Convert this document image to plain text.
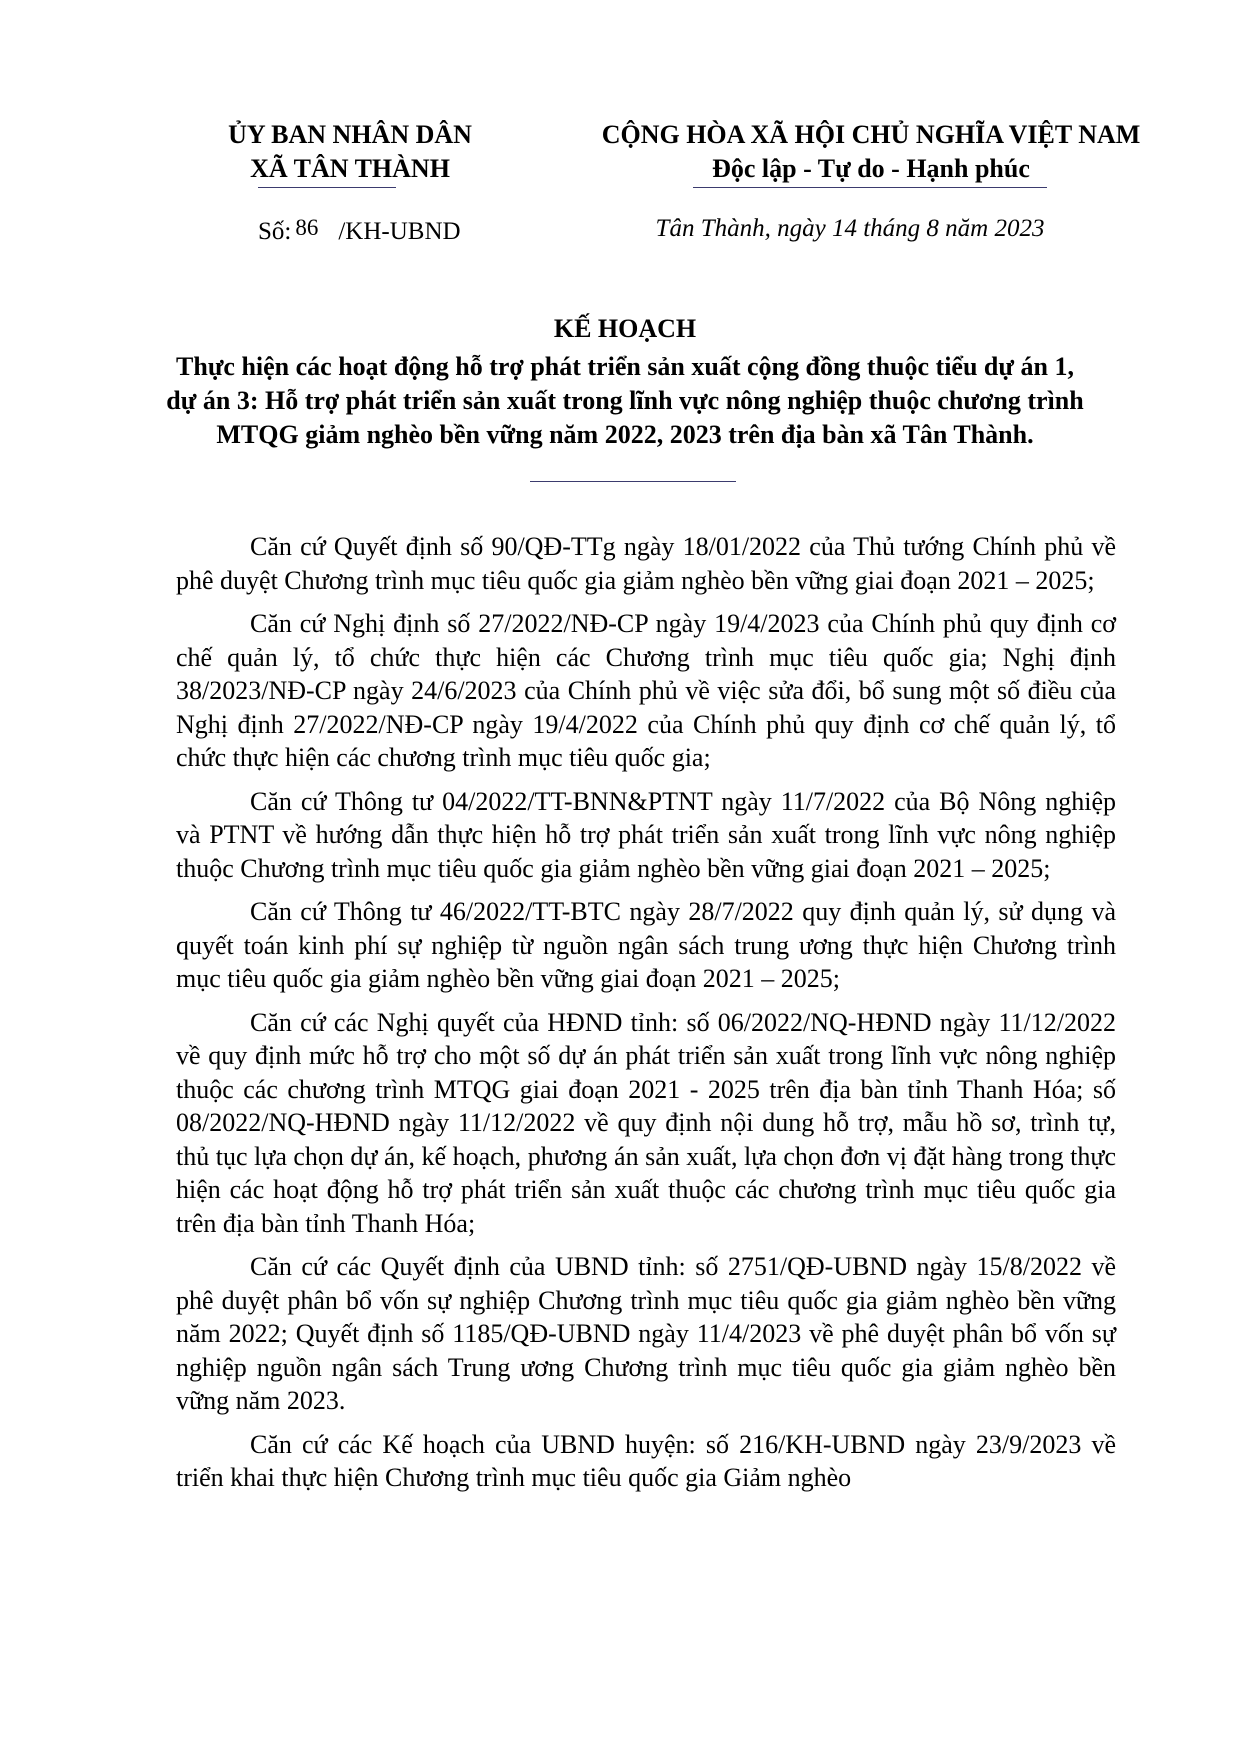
ỦY BAN NHÂN DÂN
XÃ TÂN THÀNH
CỘNG HÒA XÃ HỘI CHỦ NGHĨA VIỆT NAM
Độc lập - Tự do - Hạnh phúc
Số: 86 /KH-UBND	Tân Thành, ngày 14 tháng 8 năm 2023
KẾ HOẠCH
Thực hiện các hoạt động hỗ trợ phát triển sản xuất cộng đồng thuộc tiểu dự án 1, dự án 3: Hỗ trợ phát triển sản xuất trong lĩnh vực nông nghiệp thuộc chương trình MTQG giảm nghèo bền vững năm 2022, 2023 trên địa bàn xã Tân Thành.

Căn cứ Quyết định số 90/QĐ-TTg ngày 18/01/2022 của Thủ tướng Chính phủ về phê duyệt Chương trình mục tiêu quốc gia giảm nghèo bền vững giai đoạn 2021 – 2025;

Căn cứ Nghị định số 27/2022/NĐ-CP ngày 19/4/2023 của Chính phủ quy định cơ chế quản lý, tổ chức thực hiện các Chương trình mục tiêu quốc gia; Nghị định 38/2023/NĐ-CP ngày 24/6/2023 của Chính phủ về việc sửa đổi, bổ sung một số điều của Nghị định 27/2022/NĐ-CP ngày 19/4/2022 của Chính phủ quy định cơ chế quản lý, tổ chức thực hiện các chương trình mục tiêu quốc gia;

Căn cứ Thông tư 04/2022/TT-BNN&PTNT ngày 11/7/2022 của Bộ Nông nghiệp và PTNT về hướng dẫn thực hiện hỗ trợ phát triển sản xuất trong lĩnh vực nông nghiệp thuộc Chương trình mục tiêu quốc gia giảm nghèo bền vững giai đoạn 2021 – 2025;

Căn cứ Thông tư 46/2022/TT-BTC ngày 28/7/2022 quy định quản lý, sử dụng và quyết toán kinh phí sự nghiệp từ nguồn ngân sách trung ương thực hiện Chương trình mục tiêu quốc gia giảm nghèo bền vững giai đoạn 2021 – 2025;

Căn cứ các Nghị quyết của HĐND tỉnh: số 06/2022/NQ-HĐND ngày 11/12/2022 về quy định mức hỗ trợ cho một số dự án phát triển sản xuất trong lĩnh vực nông nghiệp thuộc các chương trình MTQG giai đoạn 2021 - 2025 trên địa bàn tỉnh Thanh Hóa; số 08/2022/NQ-HĐND ngày 11/12/2022 về quy định nội dung hỗ trợ, mẫu hồ sơ, trình tự, thủ tục lựa chọn dự án, kế hoạch, phương án sản xuất, lựa chọn đơn vị đặt hàng trong thực hiện các hoạt động hỗ trợ phát triển sản xuất thuộc các chương trình mục tiêu quốc gia trên địa bàn tỉnh Thanh Hóa;

Căn cứ các Quyết định của UBND tỉnh: số 2751/QĐ-UBND ngày 15/8/2022 về phê duyệt phân bổ vốn sự nghiệp Chương trình mục tiêu quốc gia giảm nghèo bền vững năm 2022; Quyết định số 1185/QĐ-UBND ngày 11/4/2023 về phê duyệt phân bổ vốn sự nghiệp nguồn ngân sách Trung ương Chương trình mục tiêu quốc gia giảm nghèo bền vững năm 2023.

Căn cứ các Kế hoạch của UBND huyện: số 216/KH-UBND ngày 23/9/2023 về triển khai thực hiện Chương trình mục tiêu quốc gia Giảm nghèo
